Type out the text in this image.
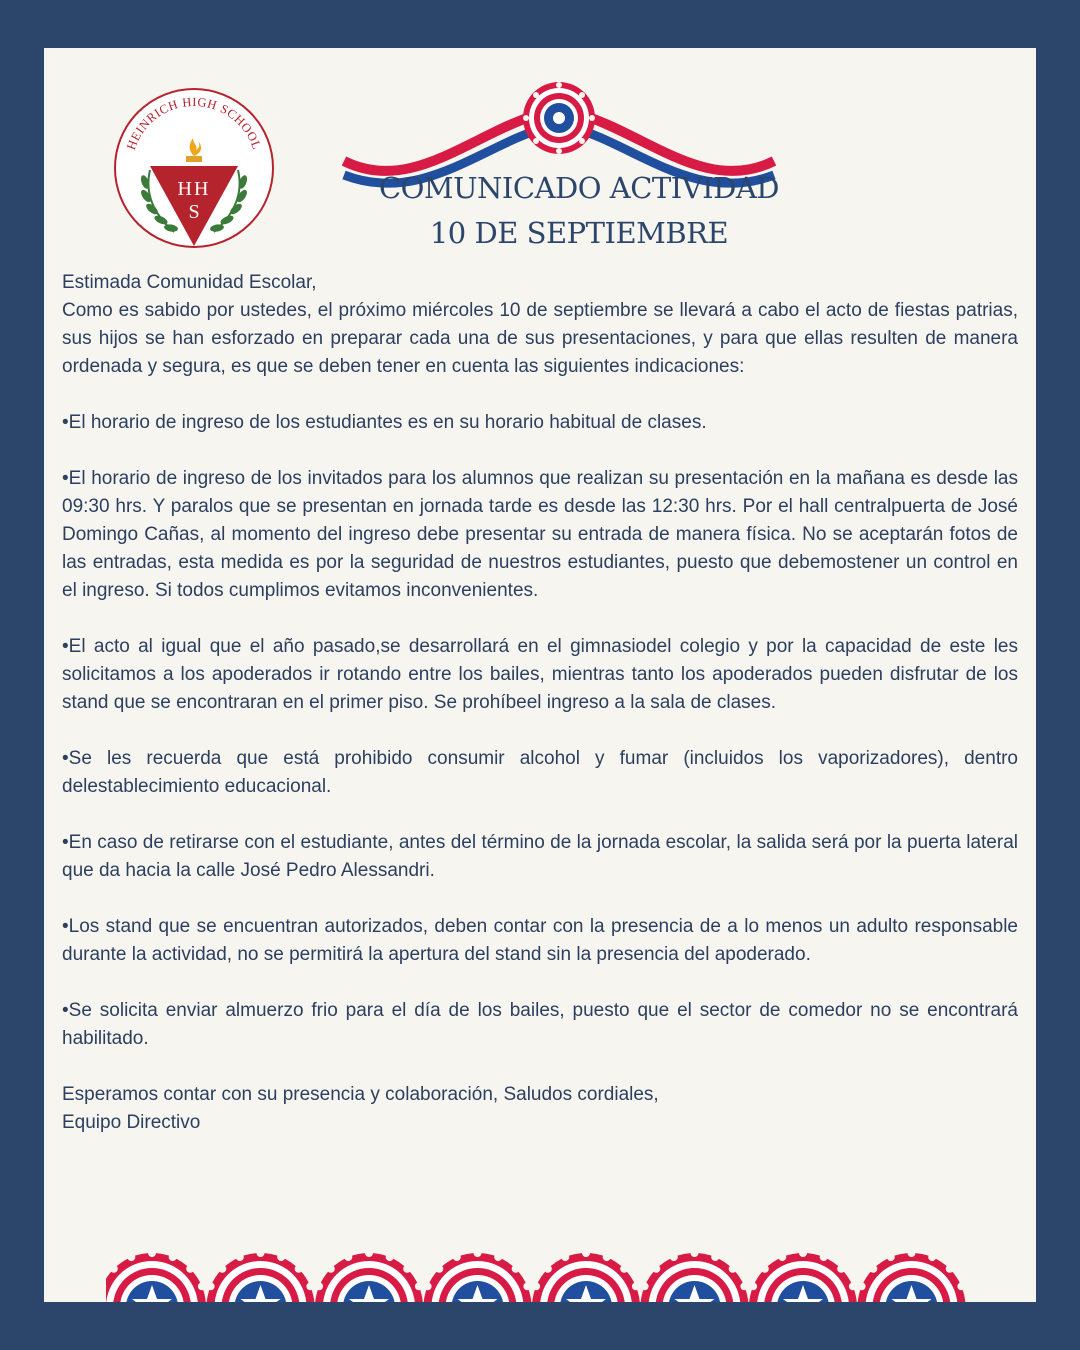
HEINRICH HIGH SCHOOL
HH
S
COMUNICADO ACTIVIDAD
10 DE SEPTIEMBRE

Estimada Comunidad Escolar,

Como es sabido por ustedes, el próximo miércoles 10 de septiembre se llevará a cabo el acto de fiestas patrias, sus hijos se han esforzado en preparar cada una de sus presentaciones, y para que ellas resulten de manera ordenada y segura, es que se deben tener en cuenta las siguientes indicaciones:

•El horario de ingreso de los estudiantes es en su horario habitual de clases.

•El horario de ingreso de los invitados para los alumnos que realizan su presentación en la mañana es desde las 09:30 hrs. Y paralos que se presentan en jornada tarde es desde las 12:30 hrs. Por el hall centralpuerta de José Domingo Cañas, al momento del ingreso debe presentar su entrada de manera física. No se aceptarán fotos de las entradas, esta medida es por la seguridad de nuestros estudiantes, puesto que debemostener un control en el ingreso. Si todos cumplimos evitamos inconvenientes.

•El acto al igual que el año pasado,se desarrollará en el gimnasiodel colegio y por la capacidad de este les solicitamos a los apoderados ir rotando entre los bailes, mientras tanto los apoderados pueden disfrutar de los stand que se encontraran en el primer piso. Se prohíbeel ingreso a la sala de clases.

•Se les recuerda que está prohibido consumir alcohol y fumar (incluidos los vaporizadores), dentro delestablecimiento educacional.

•En caso de retirarse con el estudiante, antes del término de la jornada escolar, la salida será por la puerta lateral que da hacia la calle José Pedro Alessandri.

•Los stand que se encuentran autorizados, deben contar con la presencia de a lo menos un adulto responsable durante la actividad, no se permitirá la apertura del stand sin la presencia del apoderado.

•Se solicita enviar almuerzo frio para el día de los bailes, puesto que el sector de comedor no se encontrará habilitado.

Esperamos contar con su presencia y colaboración, Saludos cordiales,

Equipo Directivo
